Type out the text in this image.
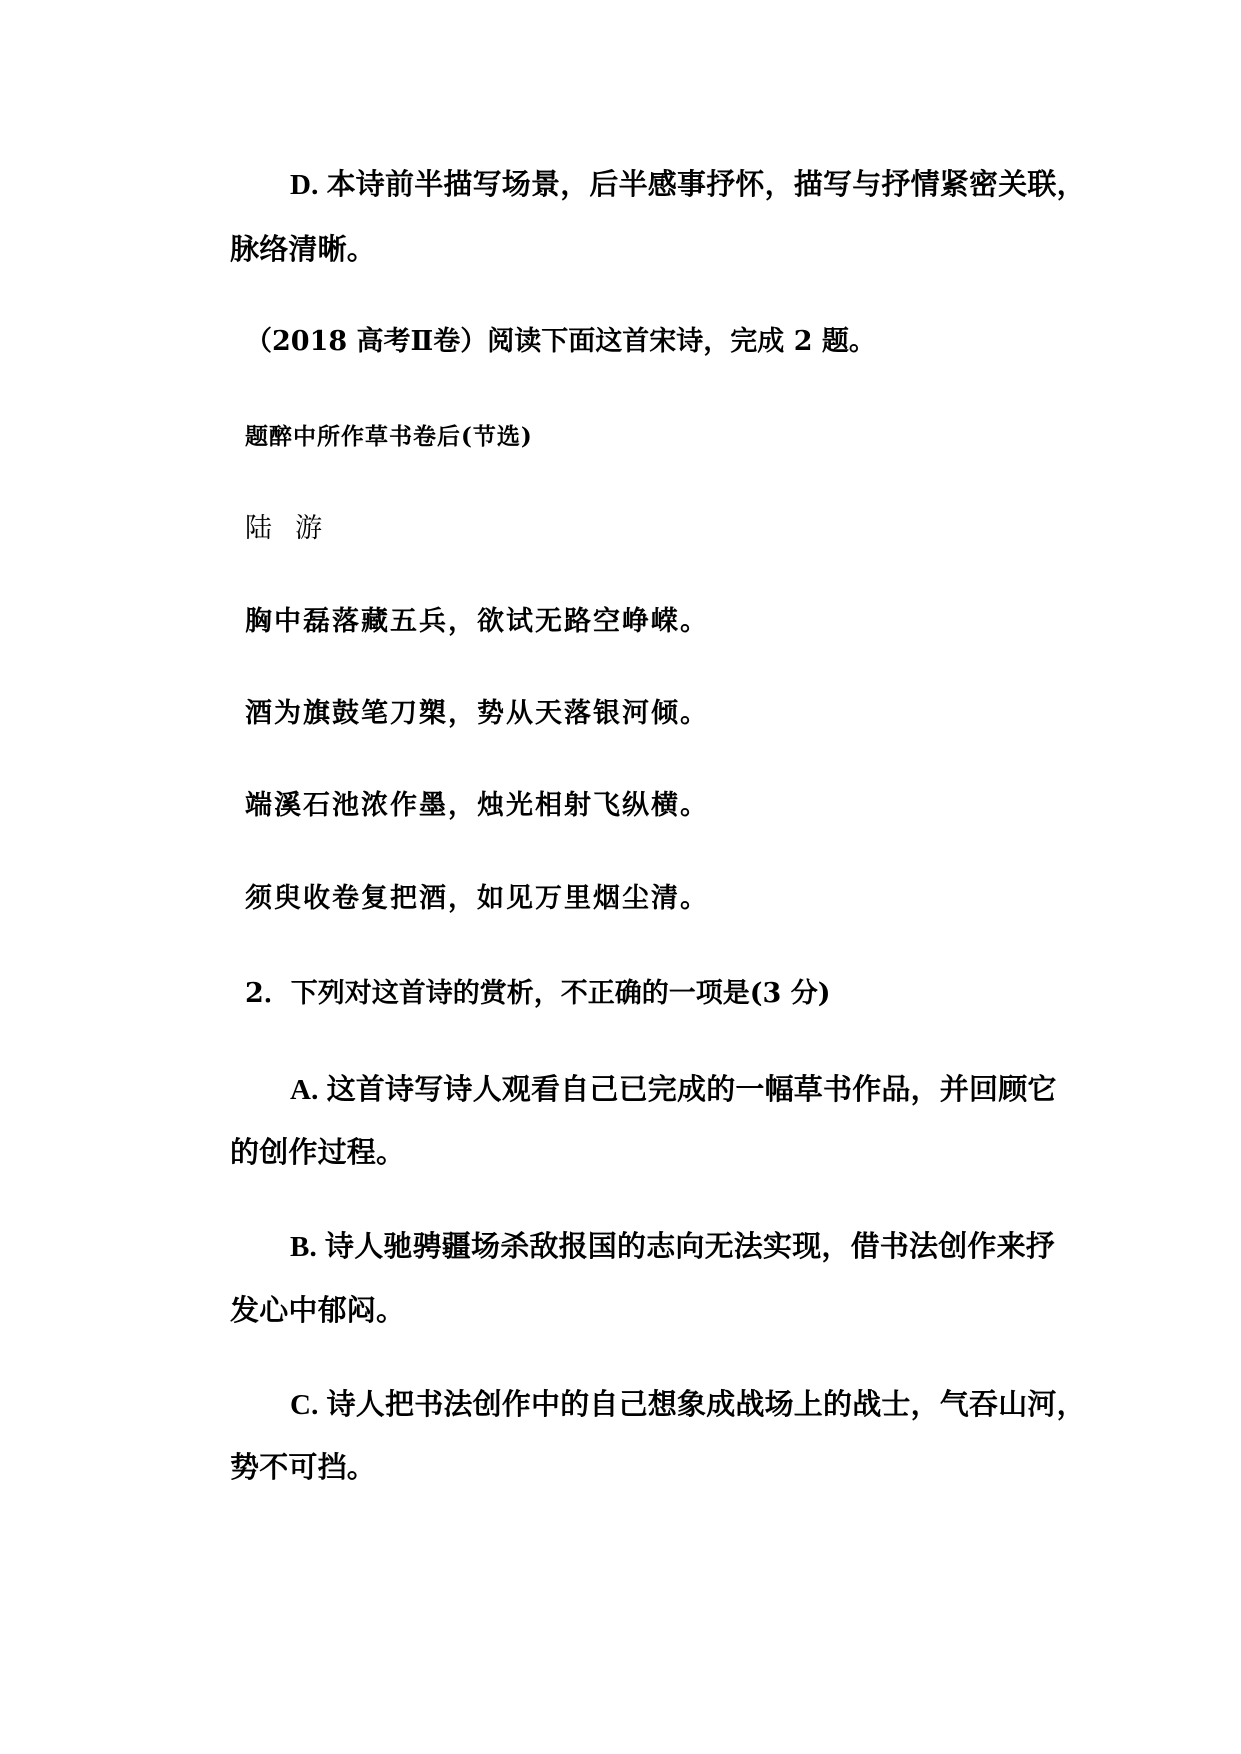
D. 本诗前半描写场景，后半感事抒怀，描写与抒情紧密关联，
脉络清晰。
（2018 高考Ⅱ卷）阅读下面这首宋诗，完成 2 题。
题醉中所作草书卷后(节选)
陆  游
胸中磊落藏五兵，欲试无路空峥嵘。
酒为旗鼓笔刀槊，势从天落银河倾。
端溪石池浓作墨，烛光相射飞纵横。
须臾收卷复把酒，如见万里烟尘清。
2．下列对这首诗的赏析，不正确的一项是(3 分)
A. 这首诗写诗人观看自己已完成的一幅草书作品，并回顾它
的创作过程。
B. 诗人驰骋疆场杀敌报国的志向无法实现，借书法创作来抒
发心中郁闷。
C. 诗人把书法创作中的自己想象成战场上的战士，气吞山河，
势不可挡。
